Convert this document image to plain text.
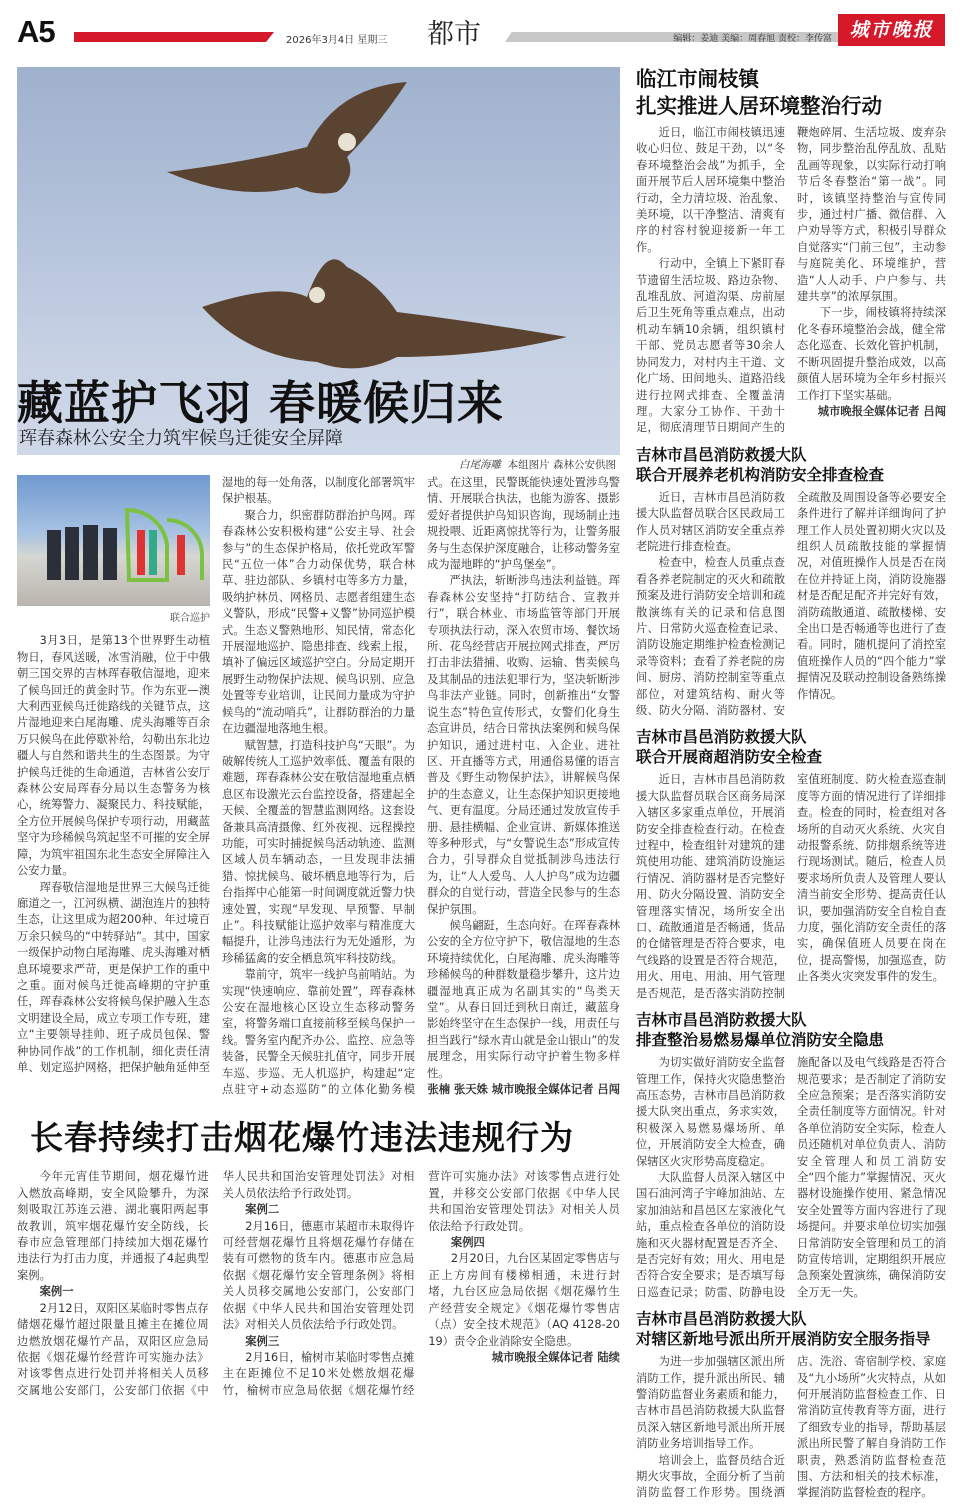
A5	2026年3月4日 星期三 都市	编辑：姜迪 美编：周春旭 责校：李传富 城市晚报
藏蓝护飞羽 春暖候归来
珲春森林公安全力筑牢候鸟迁徙安全屏障
白尾海雕 本组图片 森林公安供图

联合巡护

3月3日，是第13个世界野生动植物日，春风送暖，冰雪消融，位于中俄朝三国交界的吉林珲春敬信湿地，迎来了候鸟回迁的黄金时节。作为东亚—澳大利西亚候鸟迁徙路线的关键节点，这片湿地迎来白尾海雕、虎头海雕等百余万只候鸟在此停歇补给，勾勒出东北边疆人与自然和谐共生的生态图景。为守护候鸟迁徙的生命通道，吉林省公安厅森林公安局珲春分局以生态警务为核心，统筹警力、凝聚民力、科技赋能，全方位开展候鸟保护专项行动，用藏蓝坚守为珍稀候鸟筑起坚不可摧的安全屏障，为筑牢祖国东北生态安全屏障注入公安力量。

珲春敬信湿地是世界三大候鸟迁徙廊道之一，江河纵横、湖泡连片的独特生态，让这里成为超200种、年过境百万余只候鸟的“中转驿站”。其中，国家一级保护动物白尾海雕、虎头海雕对栖息环境要求严苛，更是保护工作的重中之重。面对候鸟迁徙高峰期的守护重任，珲春森林公安将候鸟保护融入生态文明建设全局，成立专项工作专班，建立“主要领导挂帅、班子成员包保、警种协同作战”的工作机制，细化责任清单、划定巡护网格，把保护触角延伸至湿地的每一处角落，以制度化部署筑牢保护根基。

聚合力，织密群防群治护鸟网。珲春森林公安积极构建“公安主导、社会参与”的生态保护格局，依托党政军警民“五位一体”合力动保优势，联合林草、驻边部队、乡镇村屯等多方力量，吸纳护林员、网格员、志愿者组建生态义警队，形成“民警+义警”协同巡护模式。生态义警熟地形、知民情，常态化开展湿地巡护、隐患排查、线索上报，填补了偏远区域巡护空白。分局定期开展野生动物保护法规、候鸟识别、应急处置等专业培训，让民间力量成为守护候鸟的“流动哨兵”，让群防群治的力量在边疆湿地落地生根。

赋智慧，打造科技护鸟“天眼”。为破解传统人工巡护效率低、覆盖有限的难题，珲春森林公安在敬信湿地重点栖息区布设激光云台监控设备，搭建起全天候、全覆盖的智慧监测网络。这套设备兼具高清摄像、红外夜视、远程操控功能，可实时捕捉候鸟活动轨迹、监测区域人员车辆动态，一旦发现非法捕猎、惊扰候鸟、破坏栖息地等行为，后台指挥中心能第一时间调度就近警力快速处置，实现“早发现、早预警、早制止”。科技赋能让巡护效率与精准度大幅提升，让涉鸟违法行为无处遁形，为珍稀猛禽的安全栖息筑牢科技防线。

靠前守，筑牢一线护鸟前哨站。为实现“快速响应、靠前处置”，珲春森林公安在湿地核心区设立生态移动警务室，将警务端口直接前移至候鸟保护一线。警务室内配齐办公、监控、应急等装备，民警全天候驻扎值守，同步开展车巡、步巡、无人机巡护，构建起“定点驻守+动态巡防”的立体化勤务模式。在这里，民警既能快速处置涉鸟警情、开展联合执法，也能为游客、摄影爱好者提供护鸟知识咨询，现场制止违规投喂、近距离惊扰等行为，让警务服务与生态保护深度融合，让移动警务室成为湿地畔的“护鸟堡垒”。

严执法，斩断涉鸟违法利益链。珲春森林公安坚持“打防结合、宣教并行”，联合林业、市场监管等部门开展专项执法行动，深入农贸市场、餐饮场所、花鸟经营店开展拉网式排查，严厉打击非法猎捕、收购、运输、售卖候鸟及其制品的违法犯罪行为，坚决斩断涉鸟非法产业链。同时，创新推出“女警说生态”特色宣传形式，女警们化身生态宣讲员，结合日常执法案例和候鸟保护知识，通过进村屯、入企业、进社区、开直播等方式，用通俗易懂的语言普及《野生动物保护法》，讲解候鸟保护的生态意义，让生态保护知识更接地气、更有温度。分局还通过发放宣传手册、悬挂横幅、企业宣讲、新媒体推送等多种形式，与“女警说生态”形成宣传合力，引导群众自觉抵制涉鸟违法行为，让“人人爱鸟、人人护鸟”成为边疆群众的自觉行动，营造全民参与的生态保护氛围。

候鸟翩跹，生态向好。在珲春森林公安的全方位守护下，敬信湿地的生态环境持续优化，白尾海雕、虎头海雕等珍稀候鸟的种群数量稳步攀升，这片边疆湿地真正成为名副其实的“鸟类天堂”。从春日回迁到秋日南迁，藏蓝身影始终坚守在生态保护一线，用责任与担当践行“绿水青山就是金山银山”的发展理念，用实际行动守护着生物多样性。

张楠 张天姝 城市晚报全媒体记者 吕闯

长春持续打击烟花爆竹违法违规行为

今年元宵佳节期间，烟花爆竹进入燃放高峰期，安全风险攀升，为深刻吸取江苏连云港、湖北襄阳两起事故教训，筑牢烟花爆竹安全防线，长春市应急管理部门持续加大烟花爆竹违法行为打击力度，并通报了4起典型案例。

案例一

2月12日，双阳区某临时零售点存储烟花爆竹超过限量且摊主在摊位周边燃放烟花爆竹产品，双阳区应急局依据《烟花爆竹经营许可实施办法》对该零售点进行处罚并将相关人员移交属地公安部门，公安部门依据《中华人民共和国治安管理处罚法》对相关人员依法给予行政处罚。

案例二

2月16日，德惠市某超市未取得许可经营烟花爆竹且将烟花爆竹存储在装有可燃物的货车内。德惠市应急局依据《烟花爆竹安全管理条例》将相关人员移交属地公安部门，公安部门依据《中华人民共和国治安管理处罚法》对相关人员依法给予行政处罚。

案例三

2月16日，榆树市某临时零售点摊主在距摊位不足10米处燃放烟花爆竹，榆树市应急局依据《烟花爆竹经营许可实施办法》对该零售点进行处置，并移交公安部门依据《中华人民共和国治安管理处罚法》对相关人员依法给予行政处罚。

案例四

2月20日，九台区某固定零售店与正上方房间有楼梯相通，未进行封堵，九台区应急局依据《烟花爆竹生产经营安全规定》《烟花爆竹零售店（点）安全技术规范》（AQ 4128-2019）责令企业消除安全隐患。

城市晚报全媒体记者 陆续

临江市闹枝镇
扎实推进人居环境整治行动

近日，临江市闹枝镇迅速收心归位、鼓足干劲，以“冬春环境整治会战”为抓手，全面开展节后人居环境集中整治行动，全力清垃圾、治乱象、美环境，以干净整洁、清爽有序的村容村貌迎接新一年工作。

行动中，全镇上下紧盯春节遗留生活垃圾、路边杂物、乱堆乱放、河道沟渠、房前屋后卫生死角等重点难点，出动机动车辆10余辆，组织镇村干部、党员志愿者等30余人协同发力，对村内主干道、文化广场、田间地头、道路沿线进行拉网式排查、全覆盖清理。大家分工协作、干劲十足，彻底清理节日期间产生的鞭炮碎屑、生活垃圾、废弃杂物，同步整治乱停乱放、乱贴乱画等现象，以实际行动打响节后冬春整治“第一战”。同时，该镇坚持整治与宣传同步，通过村广播、微信群、入户劝导等方式，积极引导群众自觉落实“门前三包”，主动参与庭院美化、环境维护，营造“人人动手、户户参与、共建共享”的浓厚氛围。

下一步，闹枝镇将持续深化冬春环境整治会战，健全常态化巡查、长效化管护机制，不断巩固提升整治成效，以高颜值人居环境为全年乡村振兴工作打下坚实基础。

城市晚报全媒体记者 吕闯

吉林市昌邑消防救援大队
联合开展养老机构消防安全排查检查

近日，吉林市昌邑消防救援大队监督员联合区民政局工作人员对辖区消防安全重点养老院进行排查检查。

检查中，检查人员重点查看各养老院制定的灭火和疏散预案及进行消防安全培训和疏散演练有关的记录和信息图片、日常防火巡查检查记录、消防设施定期维护检查检测记录等资料；查看了养老院的房间、厨房、消防控制室等重点部位，对建筑结构、耐火等级、防火分隔、消防器材、安全疏散及周围设备等必要安全条件进行了解并详细询问了护理工作人员处置初期火灾以及组织人员疏散技能的掌握情况，对值班操作人员是否在岗在位并持证上岗，消防设施器材是否配足配齐并完好有效，消防疏散通道、疏散楼梯、安全出口是否畅通等也进行了查看。同时，随机提问了消控室值班操作人员的“四个能力”掌握情况及联动控制设备熟练操作情况。

吉林市昌邑消防救援大队
联合开展商超消防安全检查

近日，吉林市昌邑消防救援大队监督员联合区商务局深入辖区多家重点单位，开展消防安全排查检查行动。在检查过程中，检查组针对建筑的建筑使用功能、建筑消防设施运行情况、消防器材是否完整好用、防火分隔设置、消防安全管理落实情况，场所安全出口、疏散通道是否畅通，货品的仓储管理是否符合要求，电气线路的设置是否符合规范，用火、用电、用油、用气管理是否规范，是否落实消防控制室值班制度、防火检查巡查制度等方面的情况进行了详细排查。检查的同时，检查组对各场所的自动灭火系统、火灾自动报警系统、防排烟系统等进行现场测试。随后，检查人员要求场所负责人及管理人要认清当前安全形势、提高责任认识，要加强消防安全自检自查力度，强化消防安全责任的落实，确保值班人员要在岗在位，提高警惕，加强巡查，防止各类火灾突发事件的发生。

吉林市昌邑消防救援大队
排查整治易燃易爆单位消防安全隐患

为切实做好消防安全监督管理工作，保持火灾隐患整治高压态势，吉林市昌邑消防救援大队突出重点，务求实效，积极深入易燃易爆场所、单位，开展消防安全大检查，确保辖区火灾形势高度稳定。

大队监督人员深入辖区中国石油河湾子宇峰加油站、左家加油站和昌邑区左家液化气站，重点检查各单位的消防设施和灭火器材配置是否齐全、是否完好有效；用火、用电是否符合安全要求；是否填写每日巡查记录；防雷、防静电设施配备以及电气线路是否符合规范要求；是否制定了消防安全应急预案；是否落实消防安全责任制度等方面情况。针对各单位消防安全实际，检查人员还随机对单位负责人、消防安全管理人和员工消防安全“四个能力”掌握情况、灭火器材设施操作使用、紧急情况安全处置等方面内容进行了现场提问。并要求单位切实加强日常消防安全管理和员工的消防宣传培训，定期组织开展应急预案处置演练，确保消防安全万无一失。

吉林市昌邑消防救援大队
对辖区新地号派出所开展消防安全服务指导

为进一步加强辖区派出所消防工作，提升派出所民、辅警消防监督业务素质和能力，吉林市昌邑消防救援大队监督员深入辖区新地号派出所开展消防业务培训指导工作。

培训会上，监督员结合近期火灾事故，全面分析了当前消防监督工作形势。围绕酒店、洗浴、寄宿制学校、家庭及“九小场所”火灾特点，从如何开展消防监督检查工作、日常消防宣传教育等方面，进行了细致专业的指导，帮助基层派出所民警了解自身消防工作职责，熟悉消防监督检查范围、方法和相关的技术标准，掌握消防监督检查的程序。
